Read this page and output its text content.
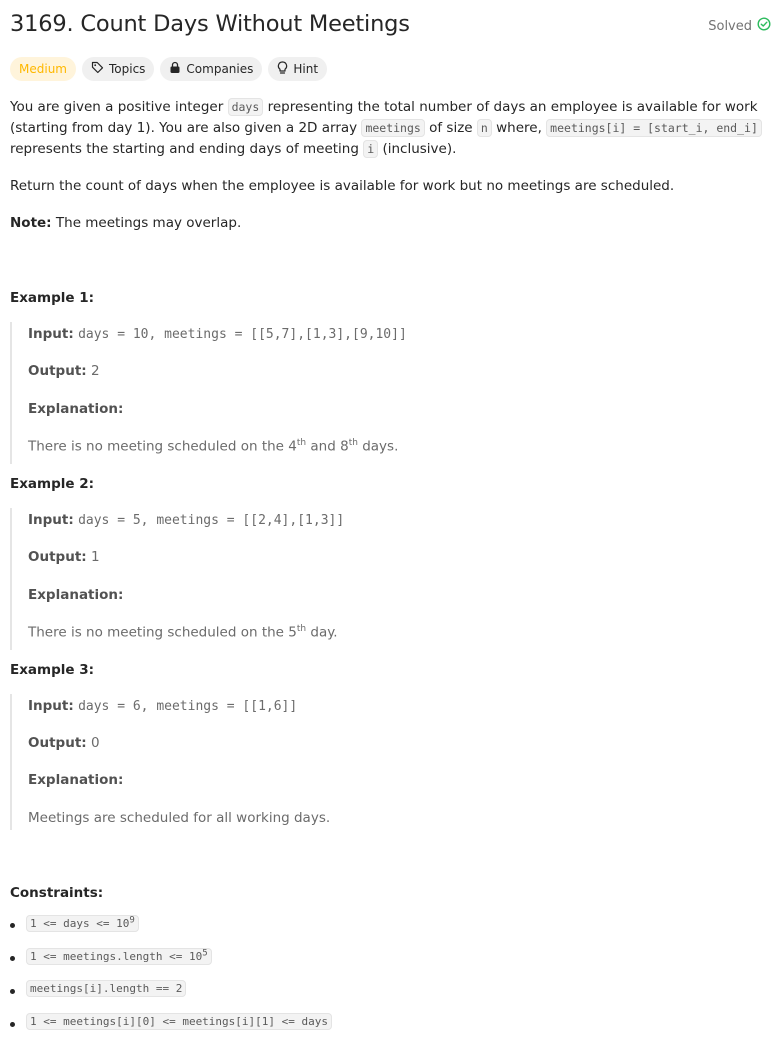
3169. Count Days Without Meetings	Solved
Medium	Topics	Companies	Hint
You are given a positive integer days representing the total number of days an employee is available for work (starting from day 1). You are also given a 2D array meetings of size n where, meetings[i] = [start_i, end_i] represents the starting and ending days of meeting i (inclusive).
Return the count of days when the employee is available for work but no meetings are scheduled.
Note: The meetings may overlap.
Example 1:
Input: days = 10, meetings = [[5,7],[1,3],[9,10]]
Output: 2
Explanation:
There is no meeting scheduled on the 4th and 8th days.
Example 2:
Input: days = 5, meetings = [[2,4],[1,3]]
Output: 1
Explanation:
There is no meeting scheduled on the 5th day.
Example 3:
Input: days = 6, meetings = [[1,6]]
Output: 0
Explanation:
Meetings are scheduled for all working days.
Constraints:
1 <= days <= $10^9$
1 <= meetings.length <= $10^5$
meetings[i].length == 2
1 <= meetings[i][0] <= meetings[i][1] <= days
